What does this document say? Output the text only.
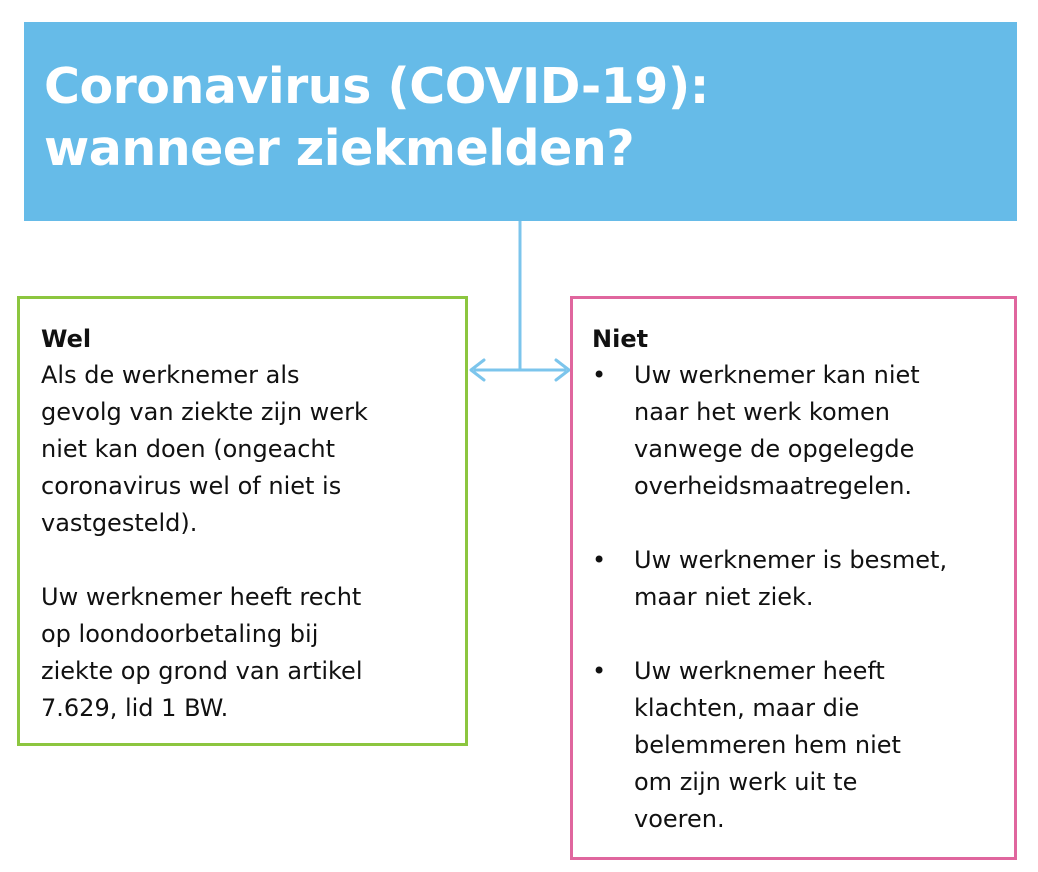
Coronavirus (COVID-19):
wanneer ziekmelden?
Wel

Als de werknemer als
gevolg van ziekte zijn werk
niet kan doen (ongeacht
coronavirus wel of niet is
vastgesteld).

Uw werknemer heeft recht
op loondoorbetaling bij
ziekte op grond van artikel
7.629, lid 1 BW.

Niet
•	Uw werknemer kan niet
naar het werk komen
vanwege de opgelegde
overheidsmaatregelen.
•	Uw werknemer is besmet,
maar niet ziek.
•	Uw werknemer heeft
klachten, maar die
belemmeren hem niet
om zijn werk uit te
voeren.
